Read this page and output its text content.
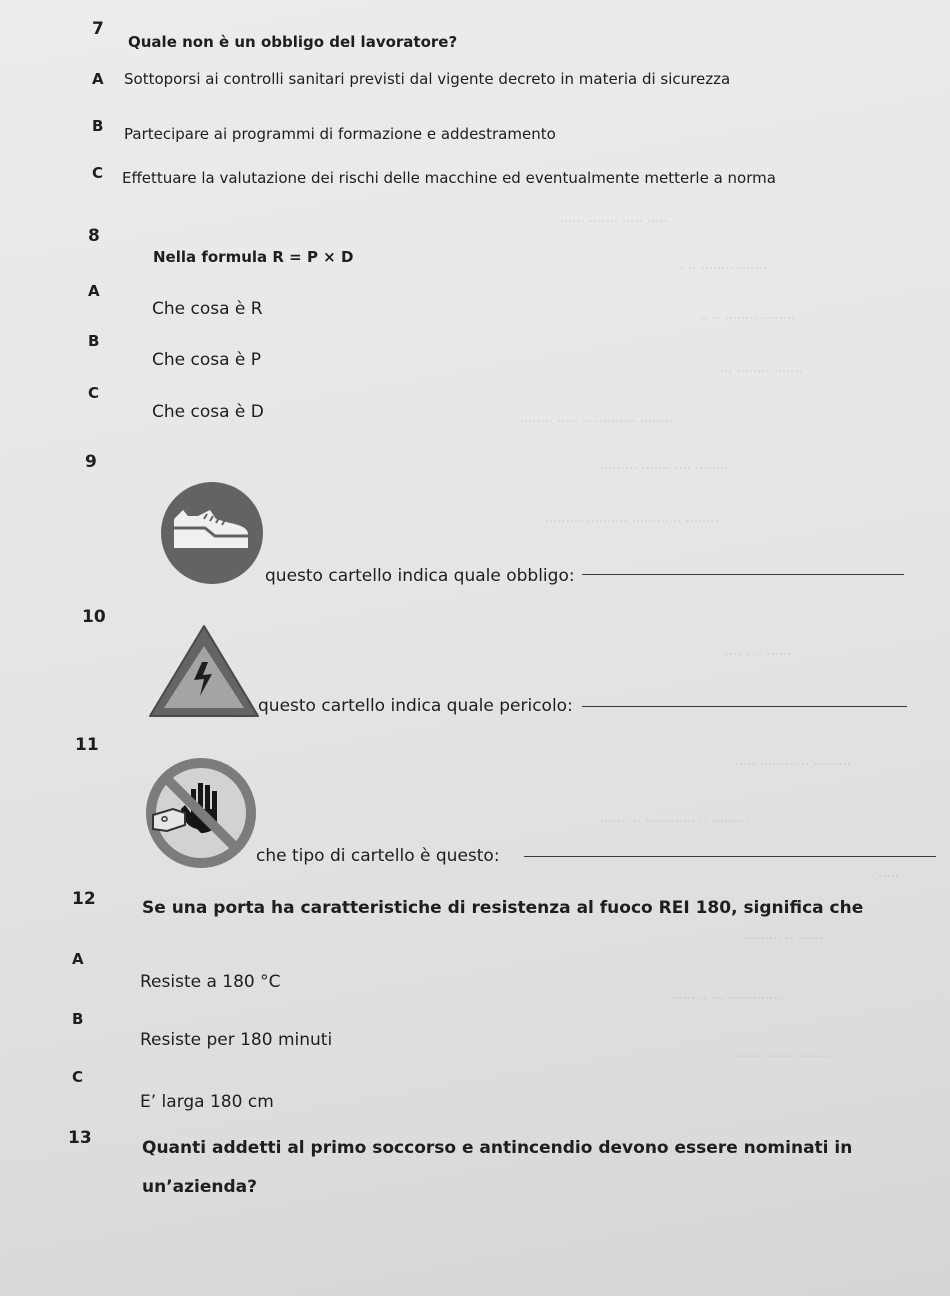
····· ····· ······· ······
······· ········ ·· ·
········ ········ ·· ··
······· ········ ···
········ ·········· ·· ····· ········
········ ···· ······· ·········
········ ·· ········· ·········· ·········
······ ·· · ····
········· ·· ········· ·····
········· ·· ············ ·· ·······
····· ·
······ ·· ··········
············· ··· ·· ······
········ ········ ······
7
Quale non è un obbligo del lavoratore?
A Sottoporsi ai controlli sanitari previsti dal vigente decreto in materia di sicurezza
B Partecipare ai programmi di formazione e addestramento
C Effettuare la valutazione dei rischi delle macchine ed eventualmente metterle a norma
8
Nella formula R = P × D
A
Che cosa è R
B
Che cosa è P
C
Che cosa è D
9
questo cartello indica quale obbligo:
10
questo cartello indica quale pericolo:
11
che tipo di cartello è questo:
12	Se una porta ha caratteristiche di resistenza al fuoco REI 180, significa che
A
Resiste a 180 °C
B
Resiste per 180 minuti
C
E’ larga 180 cm
13	Quanti addetti al primo soccorso e antincendio devono essere nominati in
un’azienda?
